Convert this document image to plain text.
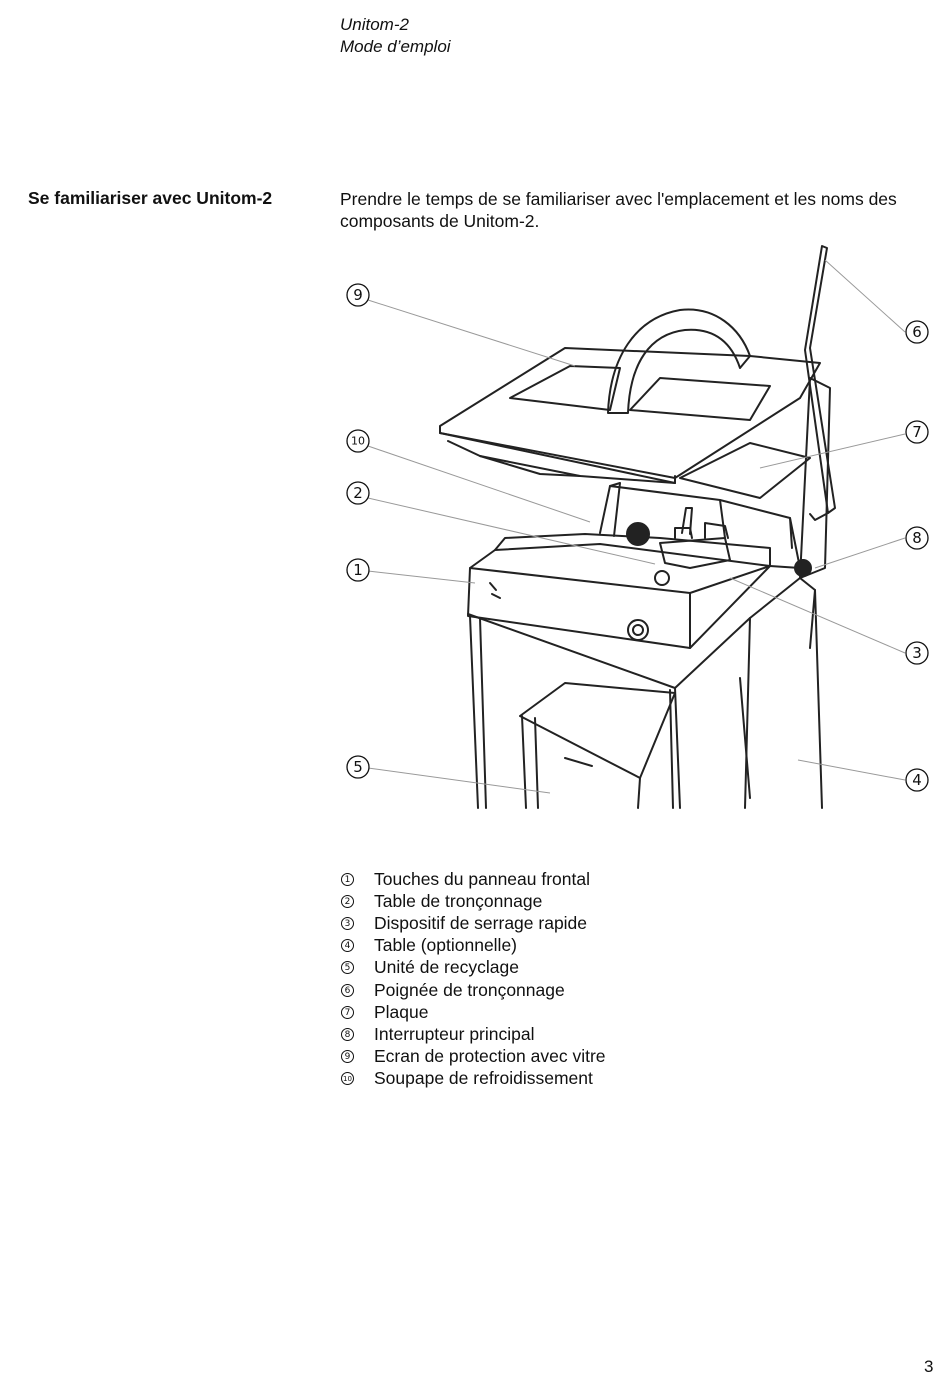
Unitom-2
Mode d’emploi
Se familiariser avec Unitom-2	Prendre le temps de se familiariser avec l'emplacement et les noms des composants de Unitom-2.
9
10
2
1
5
6
7
8
3
4
1 Touches du panneau frontal
2 Table de tronçonnage
3 Dispositif de serrage rapide
4 Table (optionnelle)
5 Unité de recyclage
6 Poignée de tronçonnage
7 Plaque
8 Interrupteur principal
9 Ecran de protection avec vitre
10 Soupape de refroidissement
3
